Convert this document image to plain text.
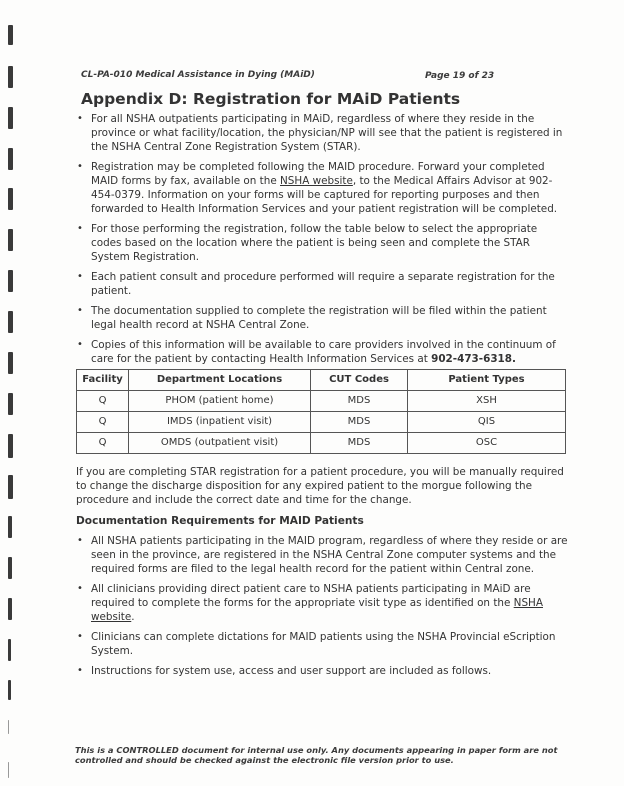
CL-PA-010 Medical Assistance in Dying (MAiD)	Page 19 of 23
Appendix D: Registration for MAiD Patients
• For all NSHA outpatients participating in MAiD, regardless of where they reside in the province or what facility/location, the physician/NP will see that the patient is registered in the NSHA Central Zone Registration System (STAR).
• Registration may be completed following the MAID procedure. Forward your completed MAID forms by fax, available on the NSHA website, to the Medical Affairs Advisor at 902-454-0379. Information on your forms will be captured for reporting purposes and then forwarded to Health Information Services and your patient registration will be completed.
• For those performing the registration, follow the table below to select the appropriate codes based on the location where the patient is being seen and complete the STAR System Registration.
• Each patient consult and procedure performed will require a separate registration for the patient.
• The documentation supplied to complete the registration will be filed within the patient legal health record at NSHA Central Zone.
• Copies of this information will be available to care providers involved in the continuum of care for the patient by contacting Health Information Services at 902-473-6318.
Facility	Department Locations	CUT Codes	Patient Types
Q	PHOM (patient home)	MDS	XSH
Q	IMDS (inpatient visit)	MDS	QIS
Q	OMDS (outpatient visit)	MDS	OSC

If you are completing STAR registration for a patient procedure, you will be manually required to change the discharge disposition for any expired patient to the morgue following the procedure and include the correct date and time for the change.

Documentation Requirements for MAID Patients

• All NSHA patients participating in the MAID program, regardless of where they reside or are seen in the province, are registered in the NSHA Central Zone computer systems and the required forms are filed to the legal health record for the patient within Central zone.
• All clinicians providing direct patient care to NSHA patients participating in MAiD are required to complete the forms for the appropriate visit type as identified on the NSHA website.
• Clinicians can complete dictations for MAID patients using the NSHA Provincial eScription System.
• Instructions for system use, access and user support are included as follows.
This is a CONTROLLED document for internal use only. Any documents appearing in paper form are not controlled and should be checked against the electronic file version prior to use.
